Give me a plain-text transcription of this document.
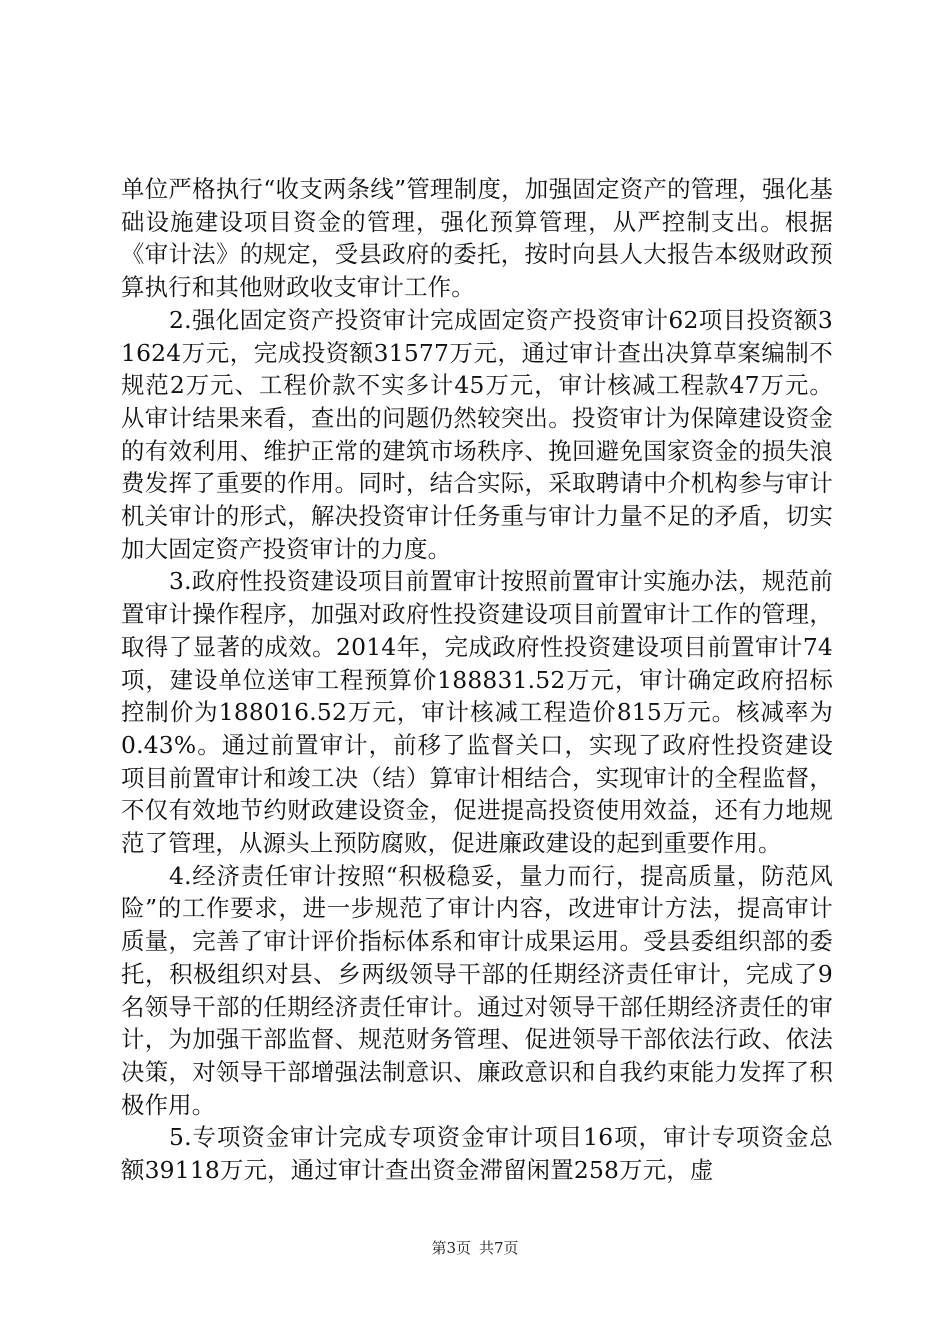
单位严格执行“收支两条线”管理制度，加强固定资产的管理，强化基础设施建设项目资金的管理，强化预算管理，从严控制支出。根据《审计法》的规定，受县政府的委托，按时向县人大报告本级财政预算执行和其他财政收支审计工作。

2.强化固定资产投资审计完成固定资产投资审计62项目投资额31624万元，完成投资额31577万元，通过审计查出决算草案编制不规范2万元、工程价款不实多计45万元，审计核减工程款47万元。从审计结果来看，查出的问题仍然较突出。投资审计为保障建设资金的有效利用、维护正常的建筑市场秩序、挽回避免国家资金的损失浪费发挥了重要的作用。同时，结合实际，采取聘请中介机构参与审计机关审计的形式，解决投资审计任务重与审计力量不足的矛盾，切实加大固定资产投资审计的力度。

3.政府性投资建设项目前置审计按照前置审计实施办法，规范前置审计操作程序，加强对政府性投资建设项目前置审计工作的管理，取得了显著的成效。2014年，完成政府性投资建设项目前置审计74项，建设单位送审工程预算价188831.52万元，审计确定政府招标控制价为188016.52万元，审计核减工程造价815万元。核减率为0.43%。通过前置审计，前移了监督关口，实现了政府性投资建设项目前置审计和竣工决（结）算审计相结合，实现审计的全程监督，不仅有效地节约财政建设资金，促进提高投资使用效益，还有力地规范了管理，从源头上预防腐败，促进廉政建设的起到重要作用。

4.经济责任审计按照“积极稳妥，量力而行，提高质量，防范风险”的工作要求，进一步规范了审计内容，改进审计方法，提高审计质量，完善了审计评价指标体系和审计成果运用。受县委组织部的委托，积极组织对县、乡两级领导干部的任期经济责任审计，完成了9名领导干部的任期经济责任审计。通过对领导干部任期经济责任的审计，为加强干部监督、规范财务管理、促进领导干部依法行政、依法决策，对领导干部增强法制意识、廉政意识和自我约束能力发挥了积极作用。

5.专项资金审计完成专项资金审计项目16项，审计专项资金总额39118万元，通过审计查出资金滞留闲置258万元，虚

第3页 共7页
